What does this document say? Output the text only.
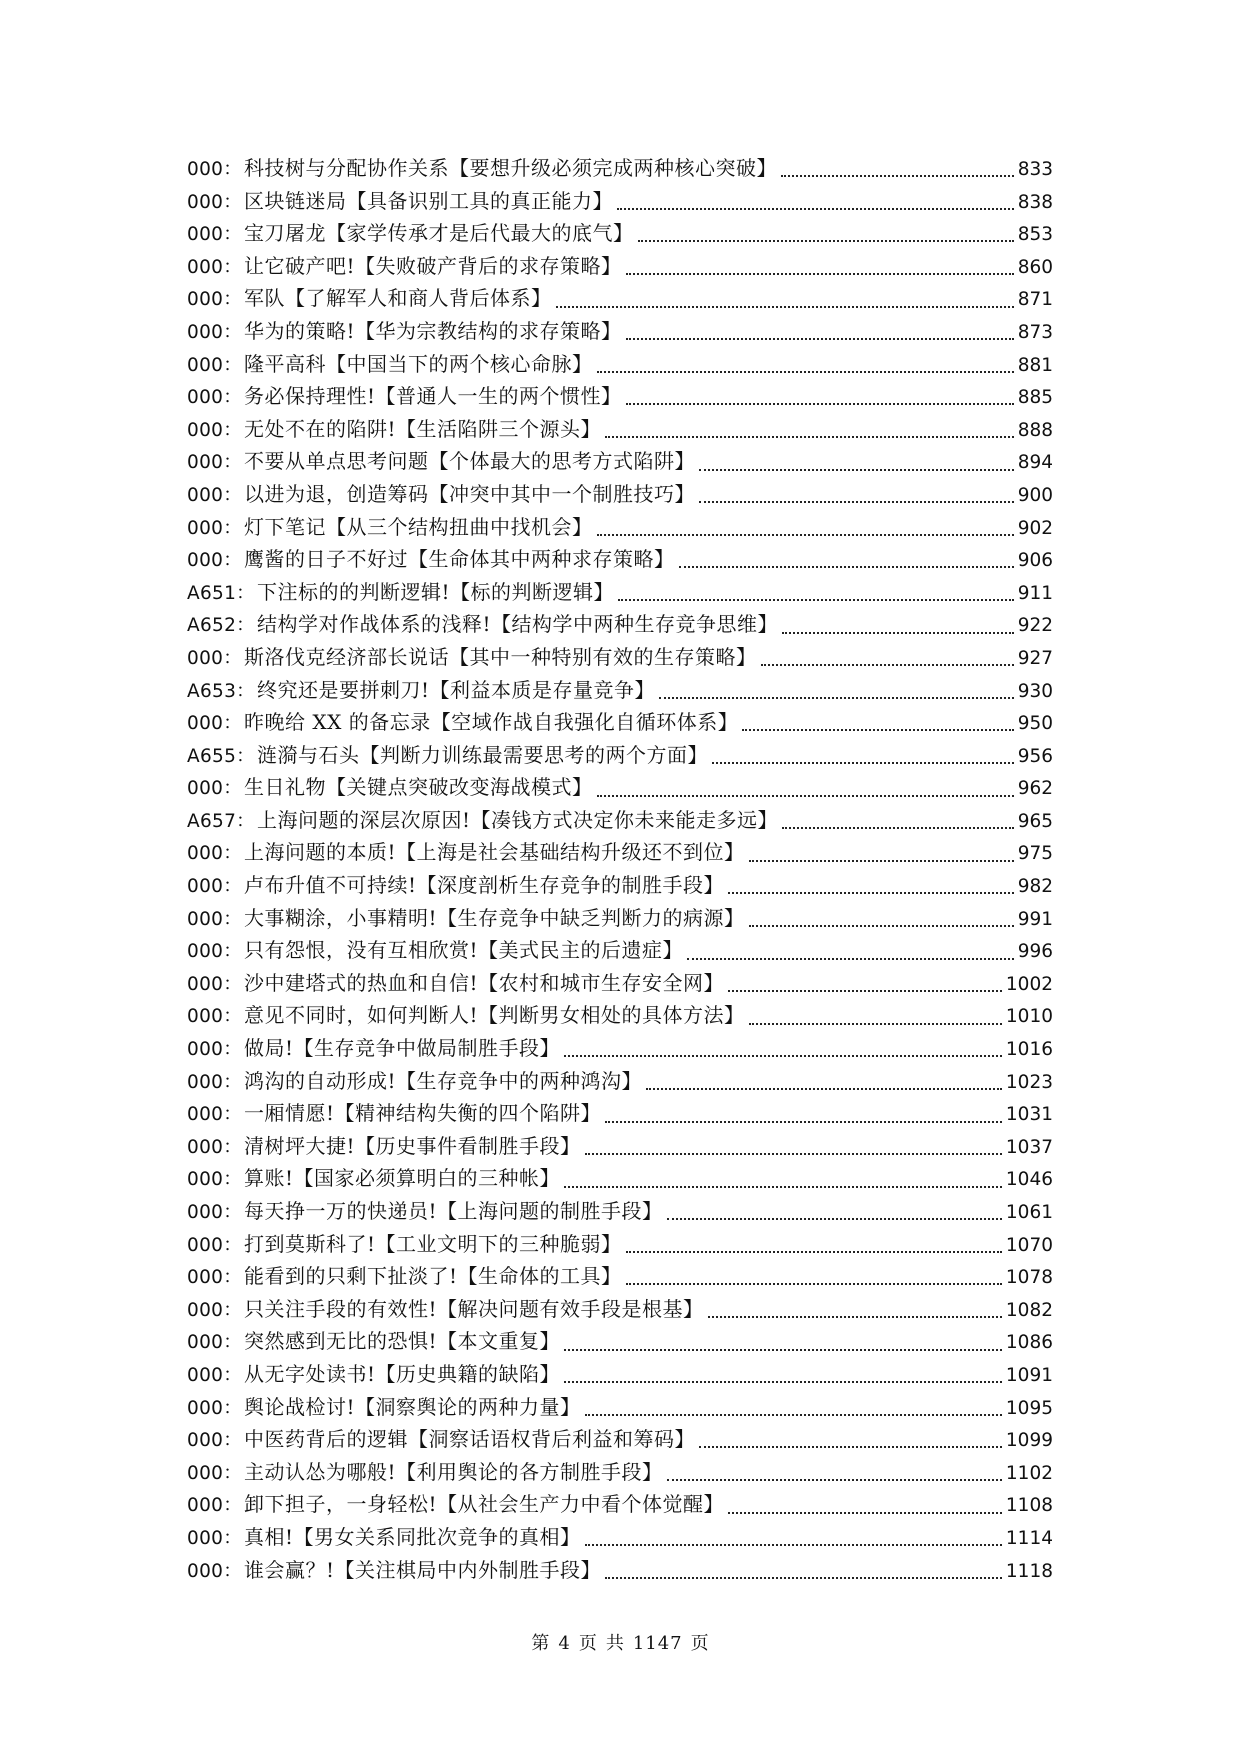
000： 科技树与分配协作关系【要想升级必须完成两种核心突破】	833
000： 区块链迷局【具备识别工具的真正能力】	838
000： 宝刀屠龙【家学传承才是后代最大的底气】	853
000： 让它破产吧!【失败破产背后的求存策略】	860
000： 军队【了解军人和商人背后体系】	871
000： 华为的策略!【华为宗教结构的求存策略】	873
000： 隆平高科【中国当下的两个核心命脉】	881
000： 务必保持理性!【普通人一生的两个惯性】	885
000： 无处不在的陷阱!【生活陷阱三个源头】	888
000： 不要从单点思考问题【个体最大的思考方式陷阱】	894
000： 以进为退，创造筹码【冲突中其中一个制胜技巧】	900
000： 灯下笔记【从三个结构扭曲中找机会】	902
000： 鹰酱的日子不好过【生命体其中两种求存策略】	906
A651： 下注标的的判断逻辑!【标的判断逻辑】	911
A652： 结构学对作战体系的浅释!【结构学中两种生存竞争思维】	922
000： 斯洛伐克经济部长说话【其中一种特别有效的生存策略】	927
A653： 终究还是要拼刺刀!【利益本质是存量竞争】	930
000： 昨晚给 XX 的备忘录【空域作战自我强化自循环体系】	950
A655： 涟漪与石头【判断力训练最需要思考的两个方面】	956
000： 生日礼物【关键点突破改变海战模式】	962
A657： 上海问题的深层次原因!【凑钱方式决定你未来能走多远】	965
000： 上海问题的本质!【上海是社会基础结构升级还不到位】	975
000： 卢布升值不可持续!【深度剖析生存竞争的制胜手段】	982
000： 大事糊涂，小事精明!【生存竞争中缺乏判断力的病源】	991
000： 只有怨恨，没有互相欣赏!【美式民主的后遗症】	996
000： 沙中建塔式的热血和自信!【农村和城市生存安全网】	1002
000： 意见不同时，如何判断人!【判断男女相处的具体方法】	1010
000： 做局!【生存竞争中做局制胜手段】	1016
000： 鸿沟的自动形成!【生存竞争中的两种鸿沟】	1023
000： 一厢情愿!【精神结构失衡的四个陷阱】	1031
000： 清树坪大捷!【历史事件看制胜手段】	1037
000： 算账!【国家必须算明白的三种帐】	1046
000： 每天挣一万的快递员!【上海问题的制胜手段】	1061
000： 打到莫斯科了!【工业文明下的三种脆弱】	1070
000： 能看到的只剩下扯淡了!【生命体的工具】	1078
000： 只关注手段的有效性!【解决问题有效手段是根基】	1082
000： 突然感到无比的恐惧!【本文重复】	1086
000： 从无字处读书!【历史典籍的缺陷】	1091
000： 舆论战检讨!【洞察舆论的两种力量】	1095
000： 中医药背后的逻辑【洞察话语权背后利益和筹码】	1099
000： 主动认怂为哪般!【利用舆论的各方制胜手段】	1102
000： 卸下担子，一身轻松!【从社会生产力中看个体觉醒】	1108
000： 真相!【男女关系同批次竞争的真相】	1114
000： 谁会赢？!【关注棋局中内外制胜手段】	1118
第 4 页 共 1147 页
